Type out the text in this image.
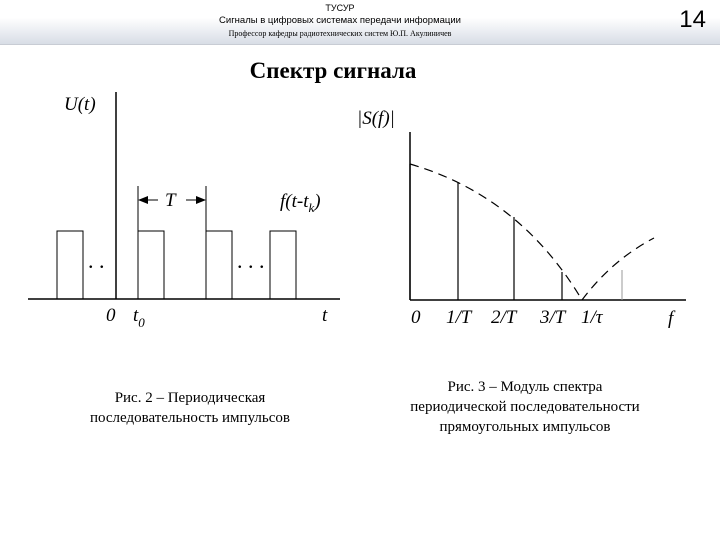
ТУСУР
Сигналы в цифровых системах передачи информации
Профессор кафедры радиотехнических систем Ю.П. Акулиничев
14
Спектр сигнала
U(t)
T	$f(t-t_k)$
0 $t_0$	t
. .	. . .
|S(f)|
0 1/T 2/T 3/T 1/τ	f
Рис. 2 – Периодическая
последовательность импульсов
Рис. 3 – Модуль спектра
периодической последовательности
прямоугольных импульсов
